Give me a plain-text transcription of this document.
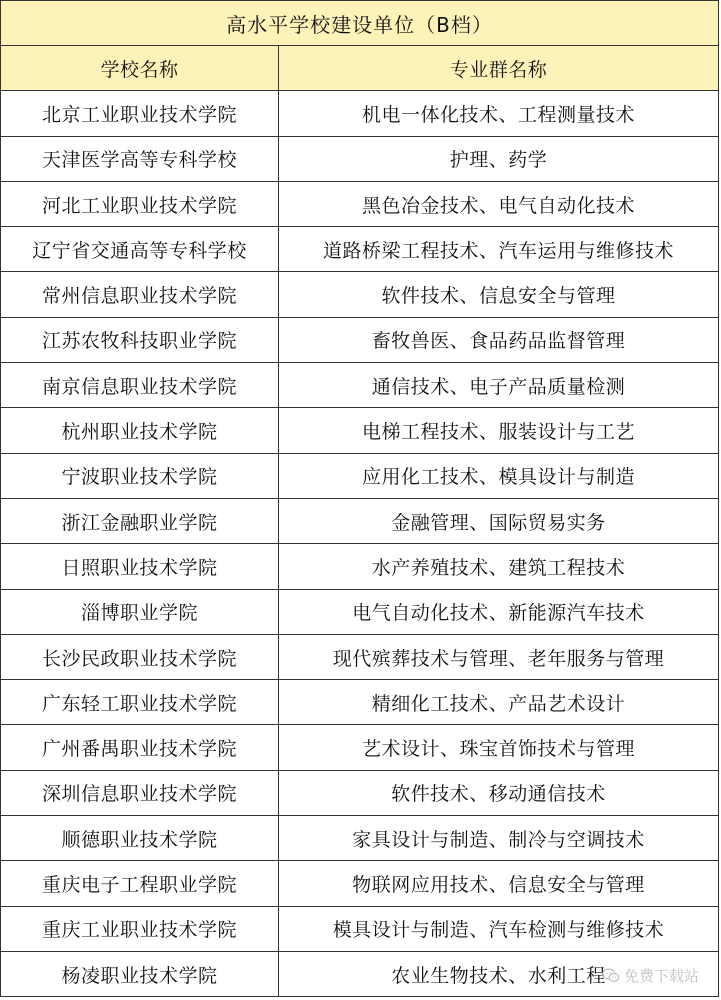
高水平学校建设单位（B档）
学校名称	专业群名称
北京工业职业技术学院	机电一体化技术、工程测量技术
天津医学高等专科学校	护理、药学
河北工业职业技术学院	黑色冶金技术、电气自动化技术
辽宁省交通高等专科学校	道路桥梁工程技术、汽车运用与维修技术
常州信息职业技术学院	软件技术、信息安全与管理
江苏农牧科技职业学院	畜牧兽医、食品药品监督管理
南京信息职业技术学院	通信技术、电子产品质量检测
杭州职业技术学院	电梯工程技术、服装设计与工艺
宁波职业技术学院	应用化工技术、模具设计与制造
浙江金融职业学院	金融管理、国际贸易实务
日照职业技术学院	水产养殖技术、建筑工程技术
淄博职业学院	电气自动化技术、新能源汽车技术
长沙民政职业技术学院	现代殡葬技术与管理、老年服务与管理
广东轻工职业技术学院	精细化工技术、产品艺术设计
广州番禺职业技术学院	艺术设计、珠宝首饰技术与管理
深圳信息职业技术学院	软件技术、移动通信技术
顺德职业技术学院	家具设计与制造、制冷与空调技术
重庆电子工程职业学院	物联网应用技术、信息安全与管理
重庆工业职业技术学院	模具设计与制造、汽车检测与维修技术
杨凌职业技术学院	农业生物技术、水利工程	免费下载站
